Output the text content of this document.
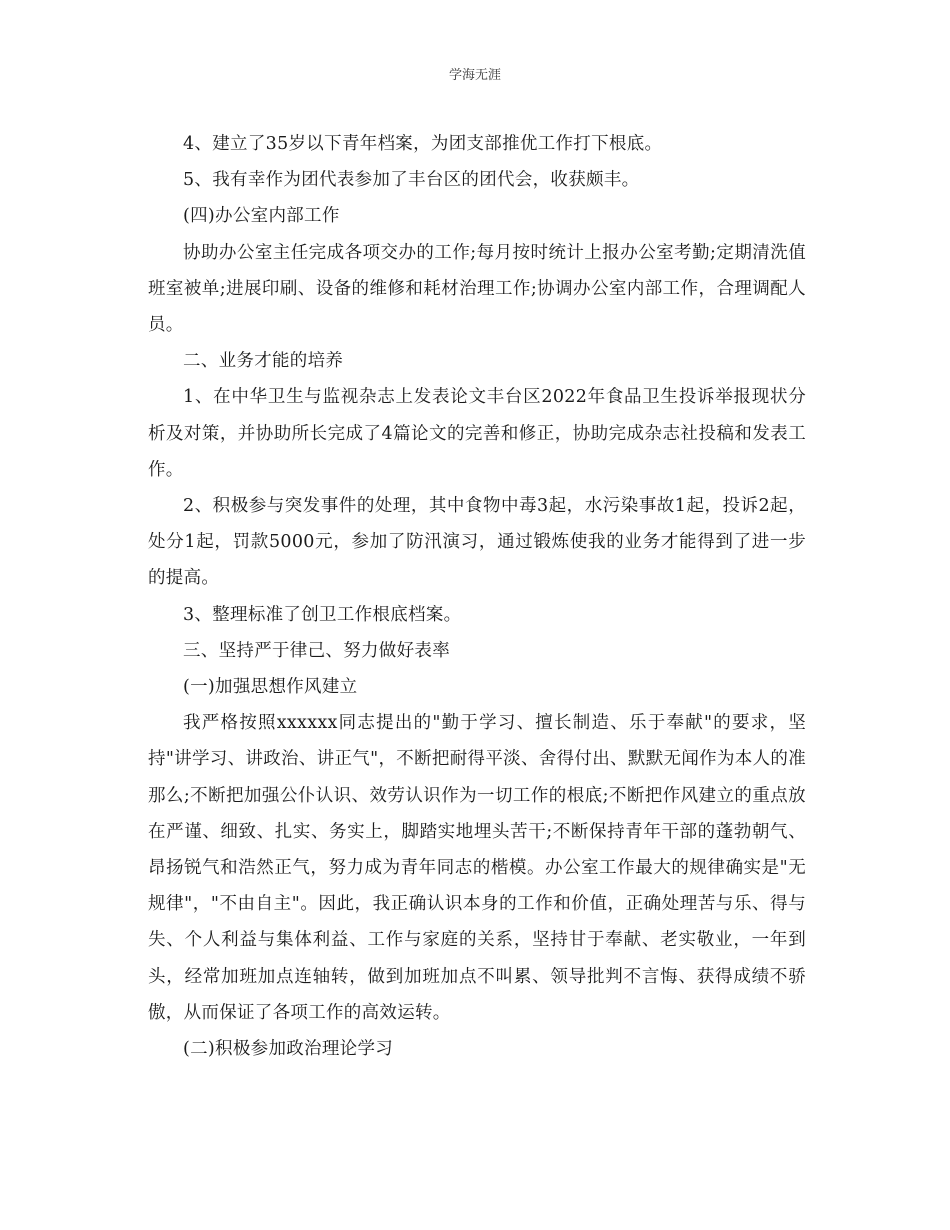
学海无涯

4、建立了35岁以下青年档案，为团支部推优工作打下根底。

5、我有幸作为团代表参加了丰台区的团代会，收获颇丰。

(四)办公室内部工作

协助办公室主任完成各项交办的工作;每月按时统计上报办公室考勤;定期清洗值班室被单;进展印刷、设备的维修和耗材治理工作;协调办公室内部工作，合理调配人员。

二、业务才能的培养

1、在中华卫生与监视杂志上发表论文丰台区2022年食品卫生投诉举报现状分析及对策，并协助所长完成了4篇论文的完善和修正，协助完成杂志社投稿和发表工作。

2、积极参与突发事件的处理，其中食物中毒3起，水污染事故1起，投诉2起，处分1起，罚款5000元，参加了防汛演习，通过锻炼使我的业务才能得到了进一步的提高。

3、整理标准了创卫工作根底档案。

三、坚持严于律己、努力做好表率

(一)加强思想作风建立

我严格按照xxxxxx同志提出的"勤于学习、擅长制造、乐于奉献"的要求，坚持"讲学习、讲政治、讲正气"，不断把耐得平淡、舍得付出、默默无闻作为本人的准那么;不断把加强公仆认识、效劳认识作为一切工作的根底;不断把作风建立的重点放在严谨、细致、扎实、务实上，脚踏实地埋头苦干;不断保持青年干部的蓬勃朝气、昂扬锐气和浩然正气，努力成为青年同志的楷模。办公室工作最大的规律确实是"无规律"，"不由自主"。因此，我正确认识本身的工作和价值，正确处理苦与乐、得与失、个人利益与集体利益、工作与家庭的关系，坚持甘于奉献、老实敬业，一年到头，经常加班加点连轴转，做到加班加点不叫累、领导批判不言悔、获得成绩不骄傲，从而保证了各项工作的高效运转。

(二)积极参加政治理论学习
